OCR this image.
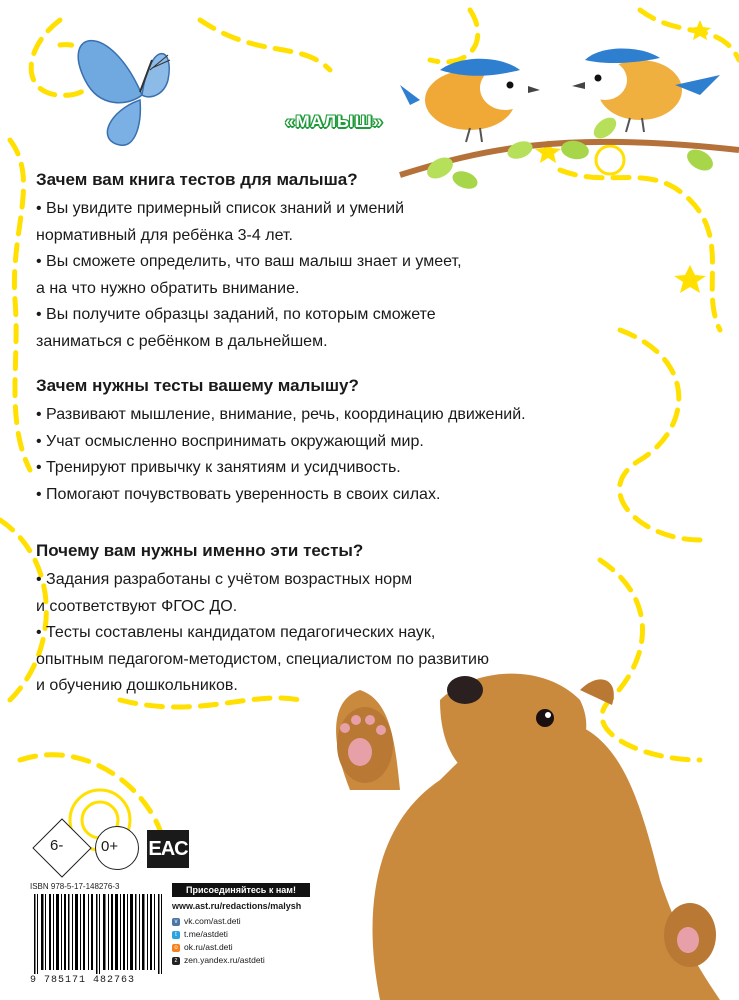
«МАЛЫШ»
Зачем вам книга тестов для малыша?
• Вы увидите примерный список знаний и умений
нормативный для ребёнка 3-4 лет.
• Вы сможете определить, что ваш малыш знает и умеет,
а на что нужно обратить внимание.
• Вы получите образцы заданий, по которым сможете
заниматься с ребёнком в дальнейшем.
Зачем нужны тесты вашему малышу?
• Развивают мышление, внимание, речь, координацию движений.
• Учат осмысленно воспринимать окружающий мир.
• Тренируют привычку к занятиям и усидчивость.
• Помогают почувствовать уверенность в своих силах.
Почему вам нужны именно эти тесты?
• Задания разработаны с учётом возрастных норм
и соответствуют ФГОС ДО.
• Тесты составлены кандидатом педагогических наук,
опытным педагогом-методистом, специалистом по развитию
и обучению дошкольников.
6-	0+ EAC
ISBN 978-5-17-148276-3
9 785171 482763
Присоединяйтесь к нам!
www.ast.ru/redactions/malysh
v vk.com/ast.deti
t t.me/astdeti
o ok.ru/ast.deti
z zen.yandex.ru/astdeti
